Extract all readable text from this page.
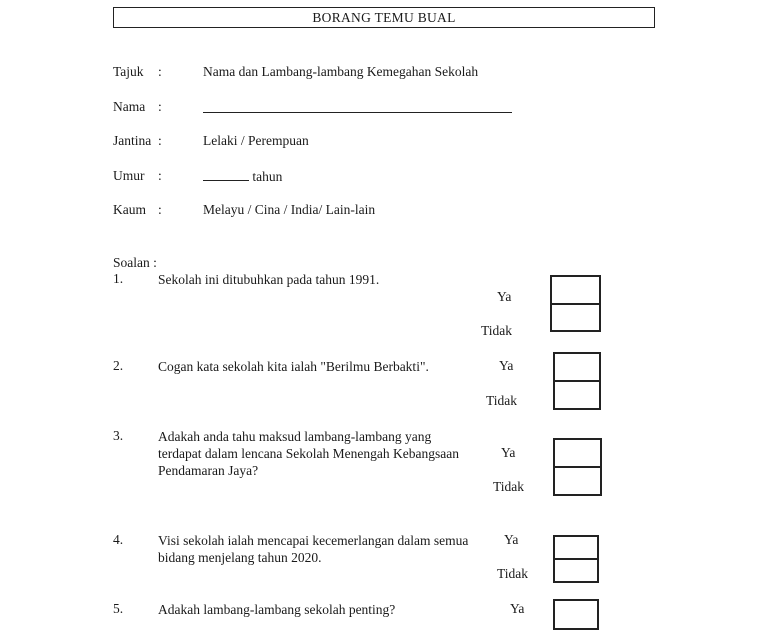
BORANG TEMU BUAL
Tajuk :	Nama dan Lambang-lambang Kemegahan Sekolah
Nama :
Jantina :	Lelaki / Perempuan
Umur :	tahun
Kaum :	Melayu / Cina / India/ Lain-lain
Soalan :
1.	Sekolah ini ditubuhkan pada tahun 1991.
Ya
Tidak
2.	Cogan kata sekolah kita ialah "Berilmu Berbakti".	Ya
Tidak
3.	Adakah anda tahu maksud lambang-lambang yang terdapat dalam lencana Sekolah Menengah Kebangsaan Pendamaran Jaya?
Ya
Tidak
4.	Visi sekolah ialah mencapai kecemerlangan dalam semua bidang menjelang tahun 2020.
Ya
Tidak
5.	Adakah lambang-lambang sekolah penting?	Ya
